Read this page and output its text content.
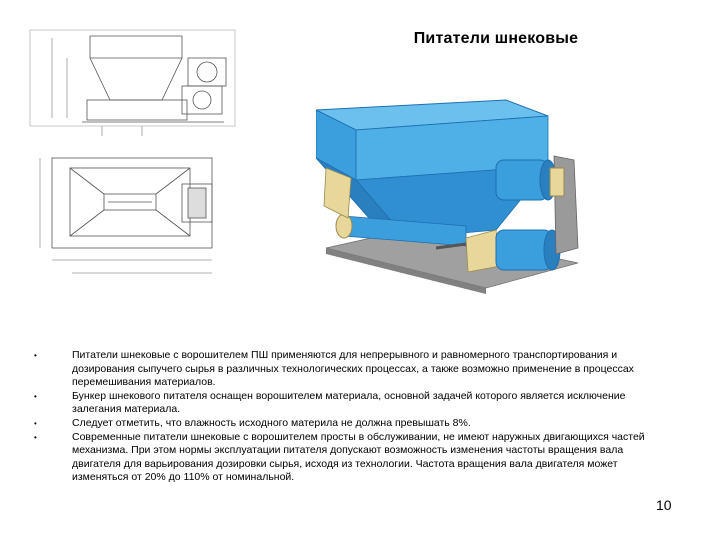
Питатели шнековые
•	Питатели шнековые с ворошителем ПШ применяются для непрерывного и равномерного транспортирования и дозирования сыпучего сырья в различных технологических процессах, а также возможно применение в процессах перемешивания материалов.
•	Бункер шнекового питателя оснащен ворошителем материала, основной задачей которого является исключение залегания материала.
•	Следует отметить, что влажность исходного материла не должна превышать 8%.
•	Современные питатели шнековые с ворошителем просты в обслуживании, не имеют наружных двигающихся частей механизма. При этом нормы эксплуатации питателя допускают возможность изменения частоты вращения вала двигателя для варьирования дозировки сырья, исходя из технологии. Частота вращения вала двигателя может изменяться от 20% до 110% от номинальной.
10
